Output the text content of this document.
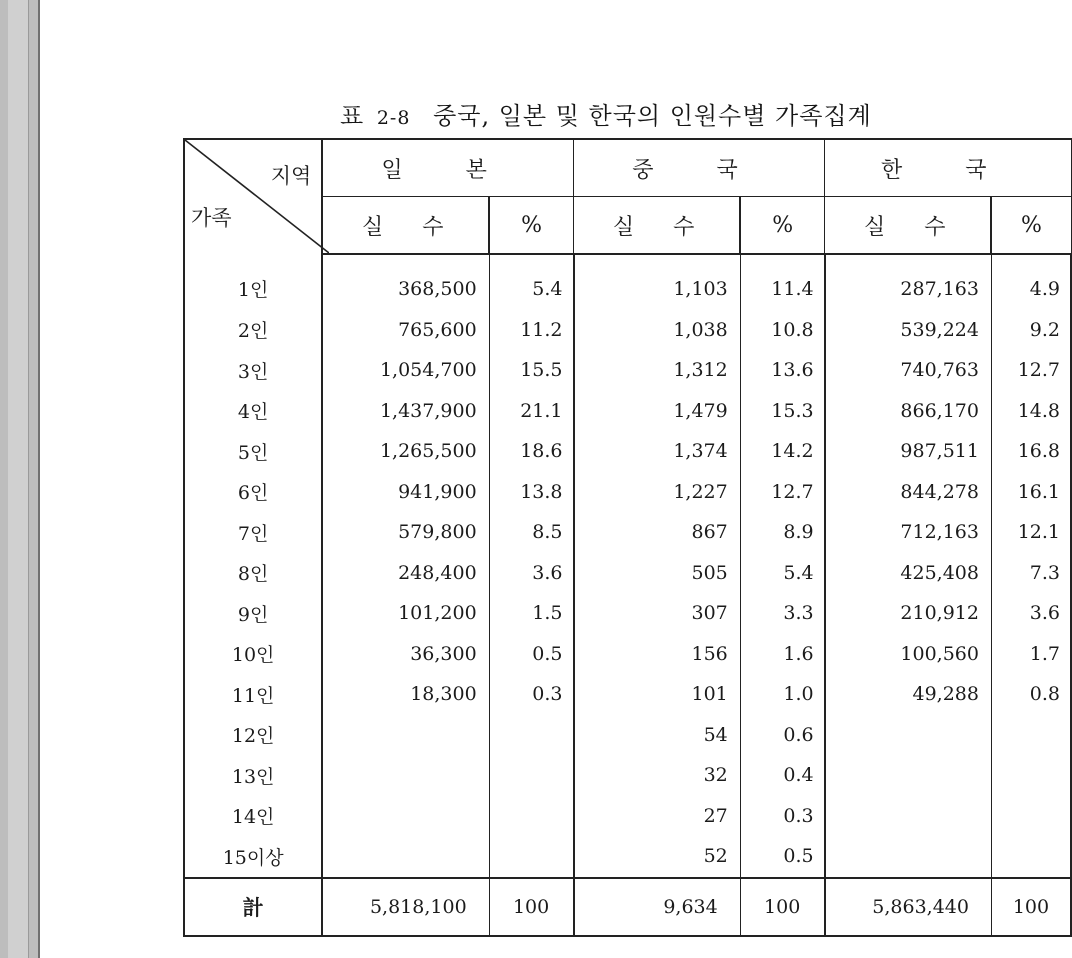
표 2-8 중국, 일본 및 한국의 인원수별 가족집계
지역
가족	일 본		중 국		한 국	
	실 수	%	실 수	%	실 수	%
1인	368,500	5.4	1,103	11.4	287,163	4.9
2인	765,600	11.2	1,038	10.8	539,224	9.2
3인	1,054,700	15.5	1,312	13.6	740,763	12.7
4인	1,437,900	21.1	1,479	15.3	866,170	14.8
5인	1,265,500	18.6	1,374	14.2	987,511	16.8
6인	941,900	13.8	1,227	12.7	844,278	16.1
7인	579,800	8.5	867	8.9	712,163	12.1
8인	248,400	3.6	505	5.4	425,408	7.3
9인	101,200	1.5	307	3.3	210,912	3.6
10인	36,300	0.5	156	1.6	100,560	1.7
11인	18,300	0.3	101	1.0	49,288	0.8
12인			54	0.6		
13인			32	0.4		
14인			27	0.3		
15이상			52	0.5		
計	5,818,100	100	9,634	100	5,863,440	100
